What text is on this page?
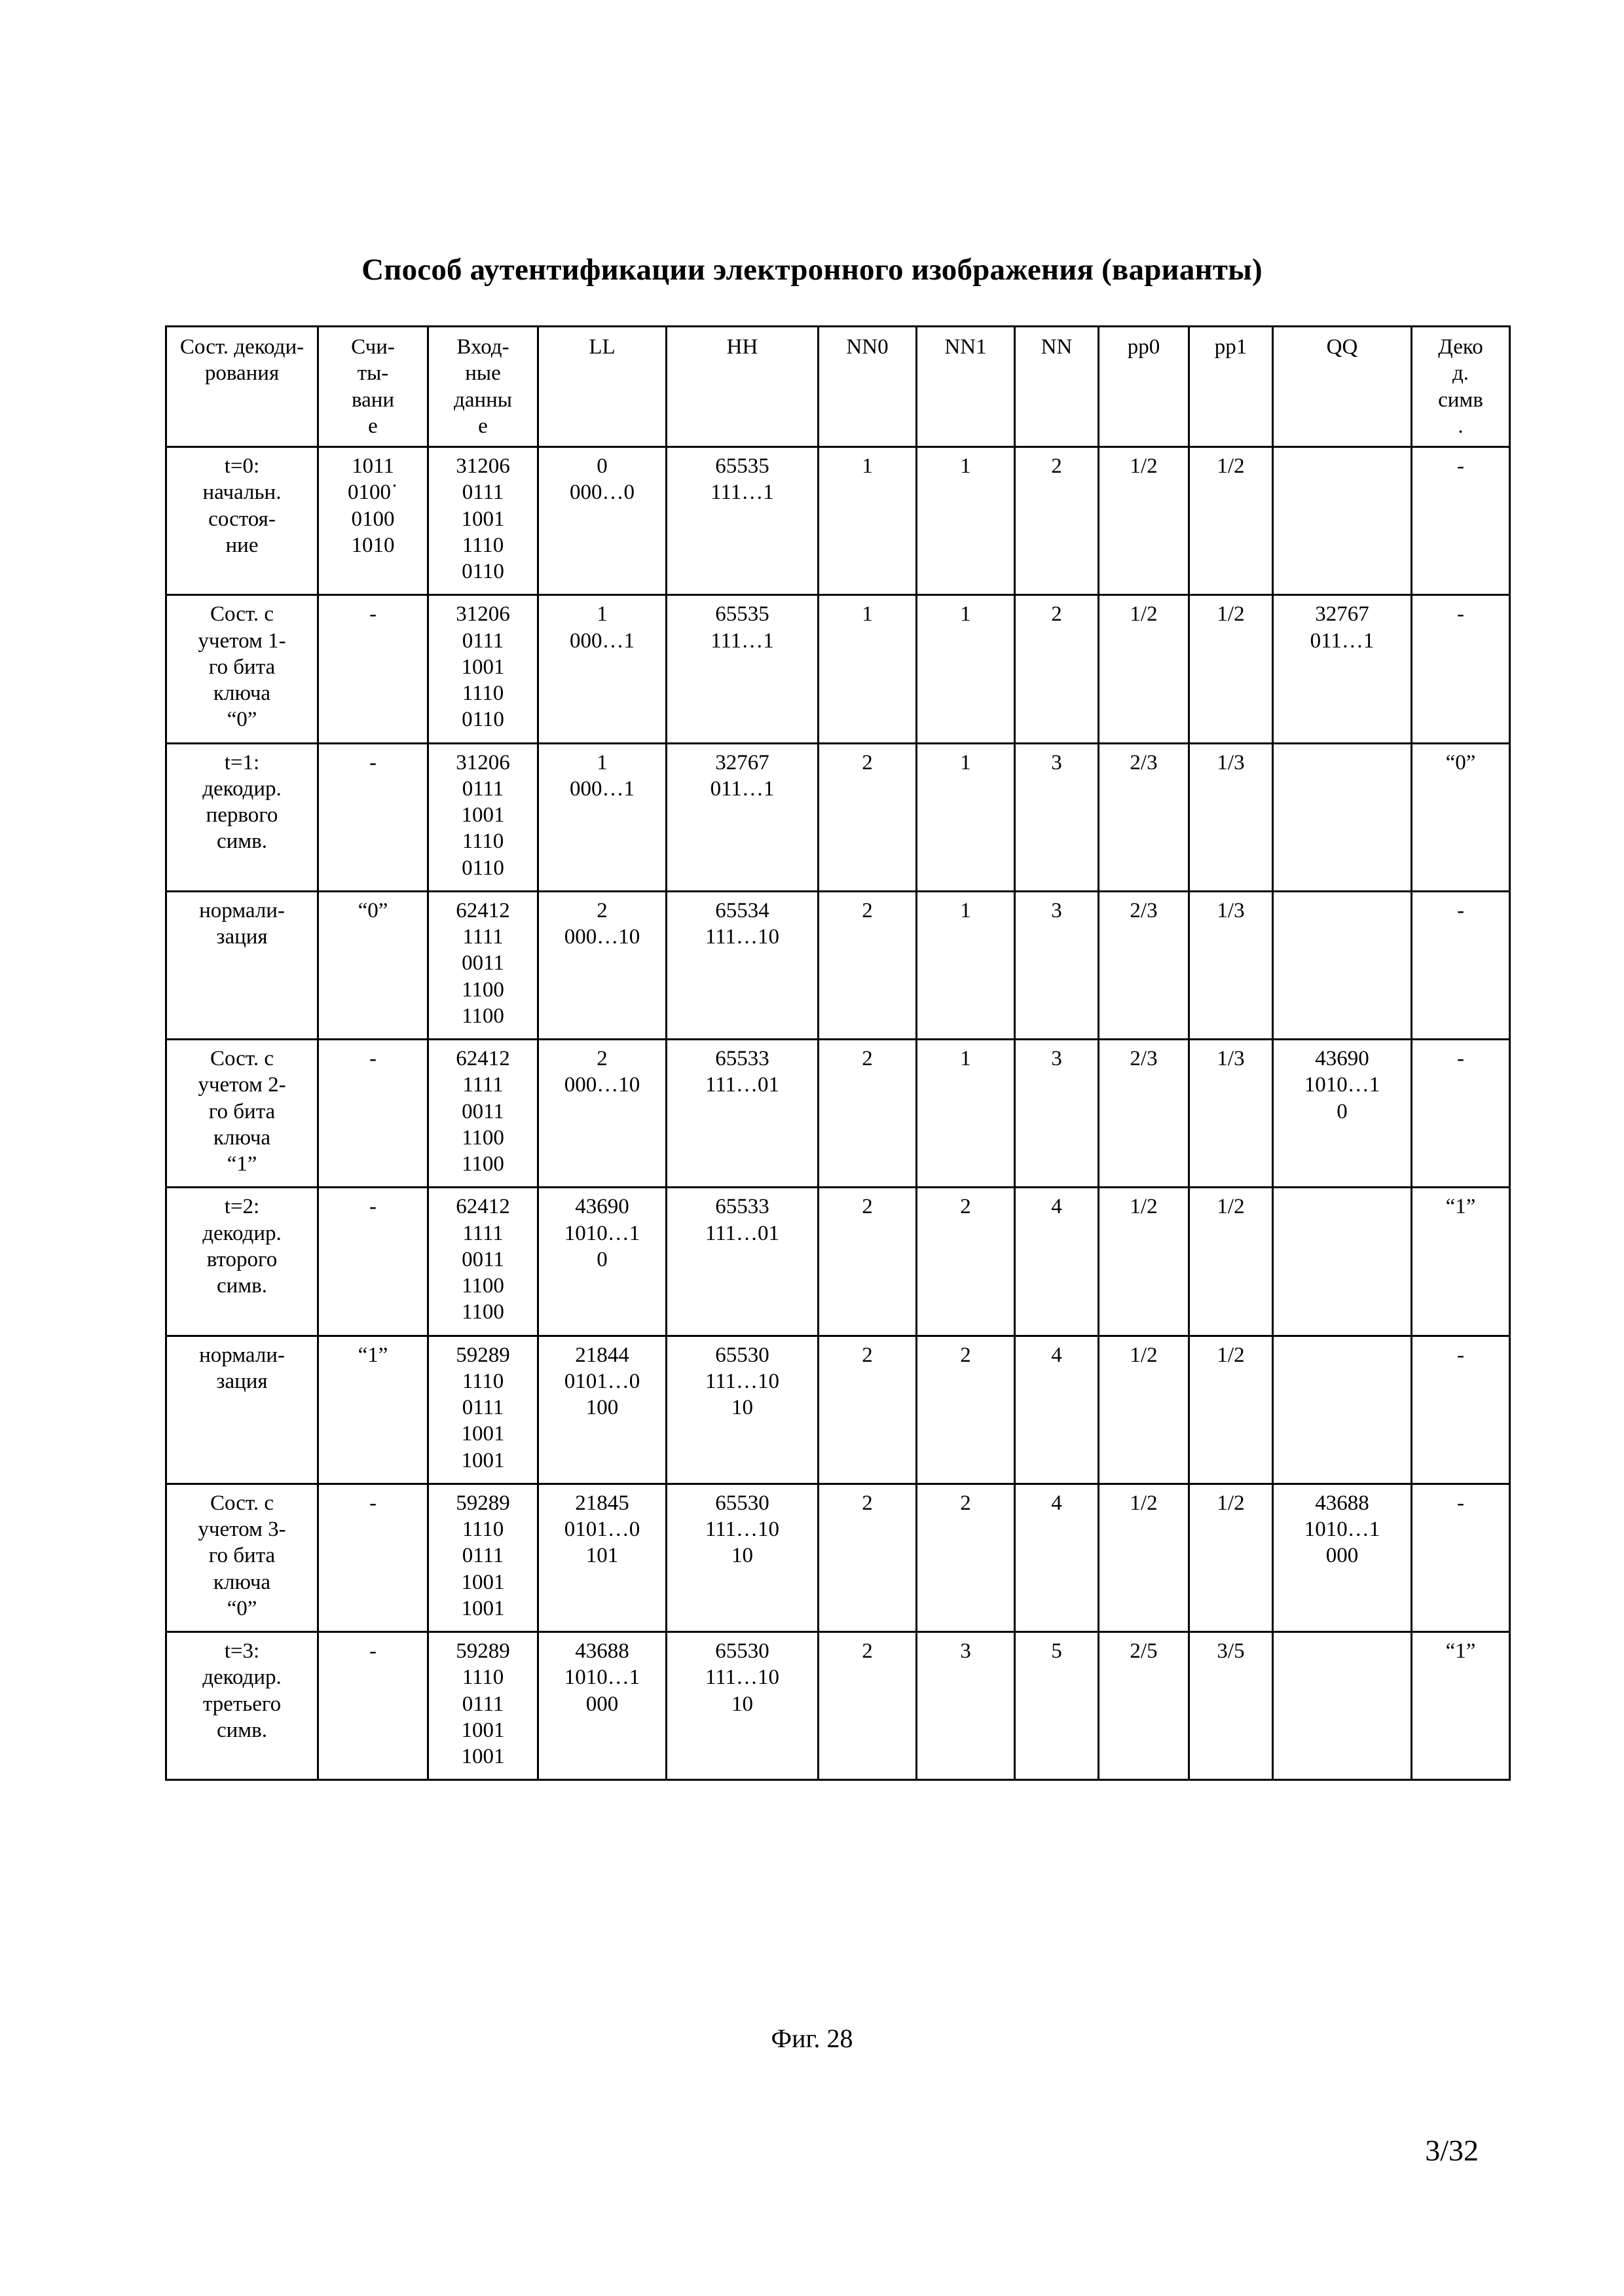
Способ аутентификации электронного изображения (варианты)
Сост. декоди-
рования	Счи-
ты-
вани
е	Вход-
ные
данны
е	LL	HH	NN0	NN1	NN	pp0	pp1	QQ	Деко
д.
симв
.
t=0:
начальн.
состоя-
ние	1011
0100˙
0100
1010	31206
0111
1001
1110
0110	0
000…0	65535
111…1	1	1	2	1/2	1/2		-
Сост. с
учетом 1-
го бита
ключа
“0”	-	31206
0111
1001
1110
0110	1
000…1	65535
111…1	1	1	2	1/2	1/2	32767
011…1	-
t=1:
декодир.
первого
симв.	-	31206
0111
1001
1110
0110	1
000…1	32767
011…1	2	1	3	2/3	1/3		“0”
нормали-
зация	“0”	62412
1111
0011
1100
1100	2
000…10	65534
111…10	2	1	3	2/3	1/3		-
Сост. с
учетом 2-
го бита
ключа
“1”	-	62412
1111
0011
1100
1100	2
000…10	65533
111…01	2	1	3	2/3	1/3	43690
1010…1
0	-
t=2:
декодир.
второго
симв.	-	62412
1111
0011
1100
1100	43690
1010…1
0	65533
111…01	2	2	4	1/2	1/2		“1”
нормали-
зация	“1”	59289
1110
0111
1001
1001	21844
0101…0
100	65530
111…10
10	2	2	4	1/2	1/2		-
Сост. с
учетом 3-
го бита
ключа
“0”	-	59289
1110
0111
1001
1001	21845
0101…0
101	65530
111…10
10	2	2	4	1/2	1/2	43688
1010…1
000	-
t=3:
декодир.
третьего
симв.	-	59289
1110
0111
1001
1001	43688
1010…1
000	65530
111…10
10	2	3	5	2/5	3/5		“1”
Фиг. 28
3/32
